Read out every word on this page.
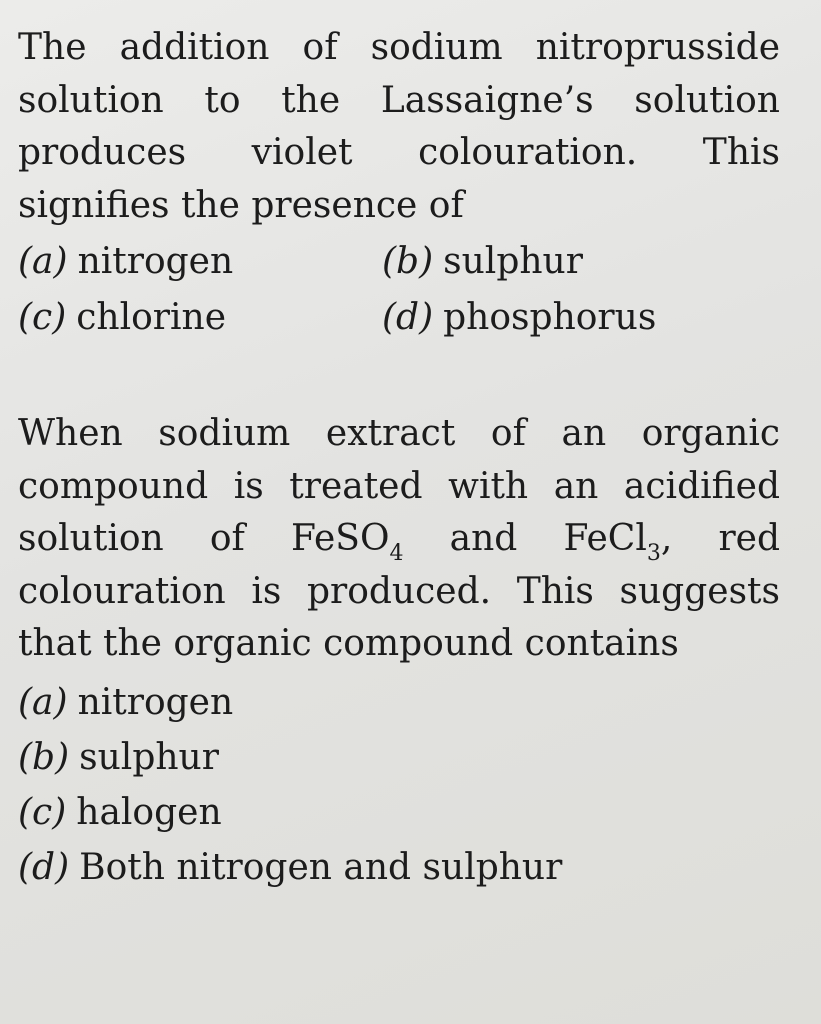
The addition of sodium nitroprusside
solution to the Lassaigne’s solution
produces violet colouration. This
signifies the presence of

(a) nitrogen	(b) sulphur
(c) chlorine	(d) phosphorus

When sodium extract of an organic
compound is treated with an acidified
solution of FeSO$_4$ and FeCl$_3$, red
colouration is produced. This suggests
that the organic compound contains

(a) nitrogen
(b) sulphur
(c) halogen
(d) Both nitrogen and sulphur
